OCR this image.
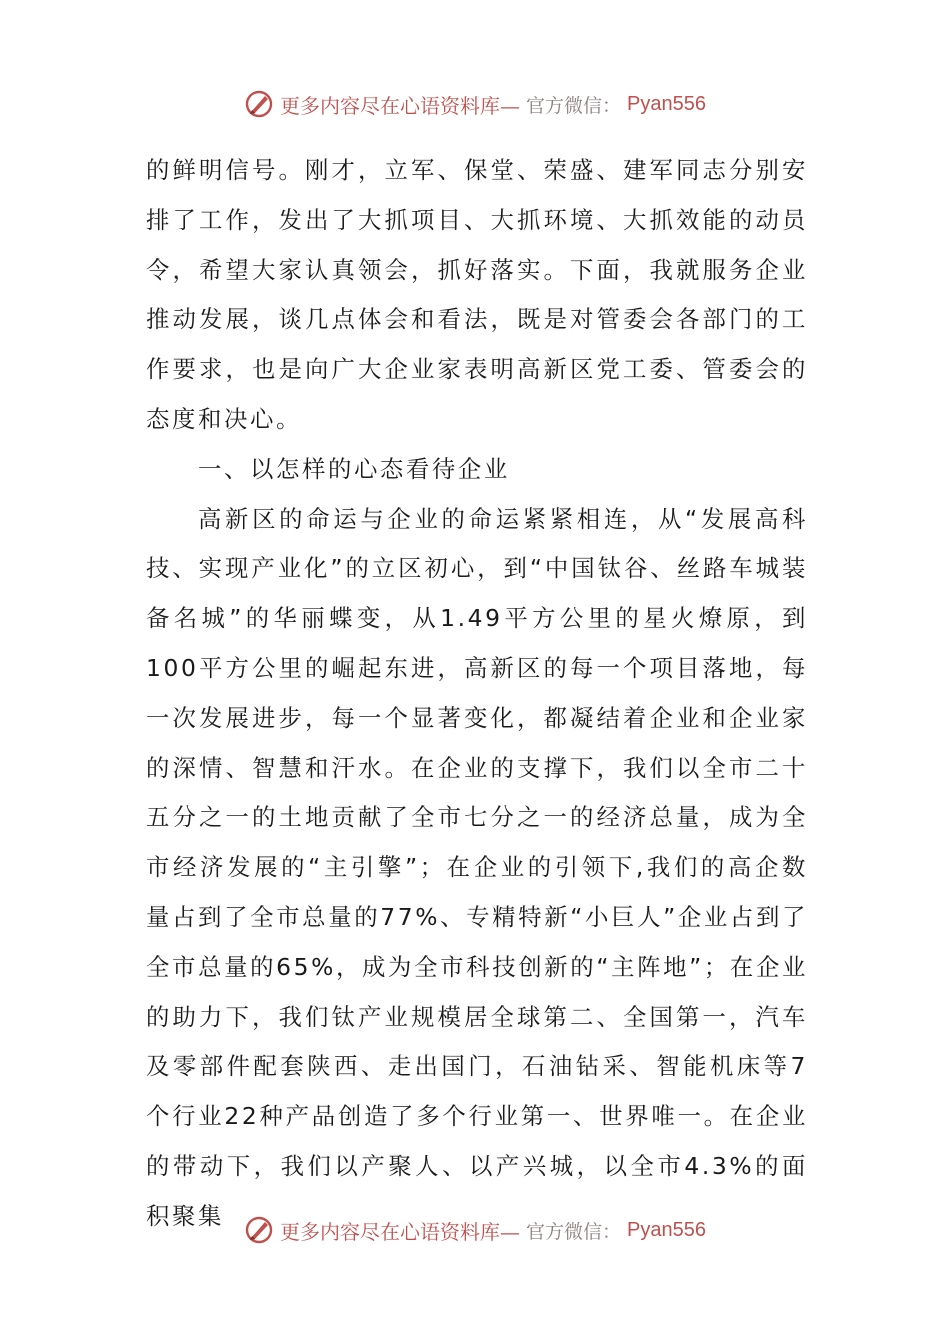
更多内容尽在心语资料库— 官方微信： Pyan556

的鲜明信号。刚才，立军、保堂、荣盛、建军同志分别安排了工作，发出了大抓项目、大抓环境、大抓效能的动员令，希望大家认真领会，抓好落实。下面，我就服务企业推动发展，谈几点体会和看法，既是对管委会各部门的工作要求，也是向广大企业家表明高新区党工委、管委会的态度和决心。

一、以怎样的心态看待企业

高新区的命运与企业的命运紧紧相连，从“发展高科技、实现产业化”的立区初心，到“中国钛谷、丝路车城装备名城”的华丽蝶变，从1.49平方公里的星火燎原，到100平方公里的崛起东进，高新区的每一个项目落地，每一次发展进步，每一个显著变化，都凝结着企业和企业家的深情、智慧和汗水。在企业的支撑下，我们以全市二十五分之一的土地贡献了全市七分之一的经济总量，成为全市经济发展的“主引擎”；在企业的引领下,我们的高企数量占到了全市总量的77%、专精特新“小巨人”企业占到了全市总量的65%，成为全市科技创新的“主阵地”；在企业的助力下，我们钛产业规模居全球第二、全国第一，汽车及零部件配套陕西、走出国门，石油钻采、智能机床等7个行业22种产品创造了多个行业第一、世界唯一。在企业的带动下，我们以产聚人、以产兴城，以全市4.3%的面积聚集

更多内容尽在心语资料库— 官方微信： Pyan556
